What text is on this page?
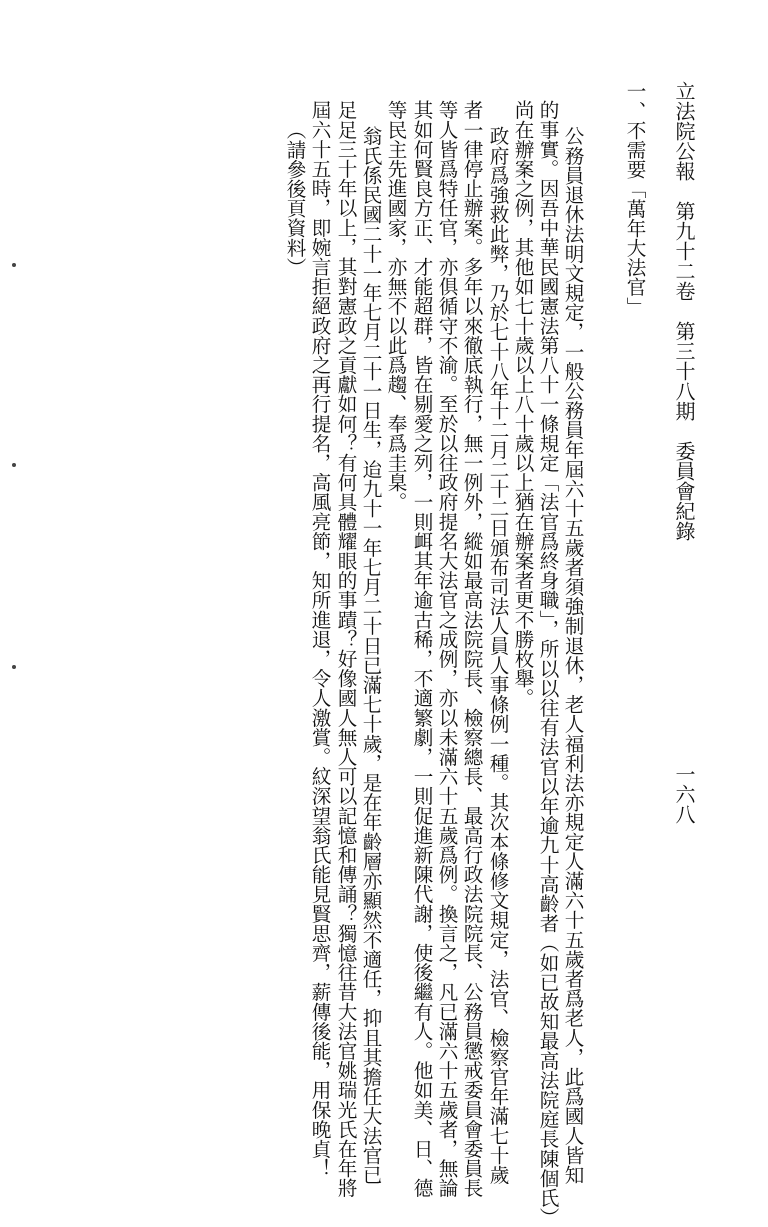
立法院公報　第九十二卷　第三十八期　委員會紀錄
一六八
公務員退休法明文規定，一般公務員年屆六十五歲者須強制退休，老人福利法亦規定人滿六十五歲者爲老人，此爲國人皆知
的事實。因吾中華民國憲法第八十一條規定「法官爲終身職」，所以以往有法官以年逾九十高齡者（如已故知最高法院庭長陳個氏）
尚在辦案之例，其他如七十歲以上八十歲以上猶在辦案者更不勝枚舉。
政府爲強救此弊，乃於七十八年十二月二十二日頒布司法人員人事條例一種。其次本條修文規定，法官、檢察官年滿七十歲
者一律停止辦案。多年以來徹底執行，無一例外，縱如最高法院院長、檢察總長、最高行政法院院長、公務員懲戒委員會委員長
等人皆爲特任官，亦俱循守不渝。至於以往政府提名大法官之成例，亦以未滿六十五歲爲例。換言之，凡已滿六十五歲者，無論
其如何賢良方正、才能超群，皆在剔愛之列，一則衈其年逾古稀，不適繁劇，一則促進新陳代謝，使後繼有人。他如美、日、德
等民主先進國家，亦無不以此爲趨、奉爲圭臬。
翁氏係民國二十一年七月二十一日生，迨九十一年七月二十日已滿七十歲，是在年齡層亦顯然不適任，抑且其擔任大法官已
足足三十年以上，其對憲政之貢獻如何？有何具體耀眼的事蹟？好像國人無人可以記憶和傳誦？獨憶往昔大法官姚瑞光氏在年將
屆六十五時，即婉言拒絕政府之再行提名，高風亮節，知所進退，令人激賞。紋深望翁氏能見賢思齊，薪傳後能，用保晚貞！
（請參後頁資料）	一、不需要「萬年大法官」
